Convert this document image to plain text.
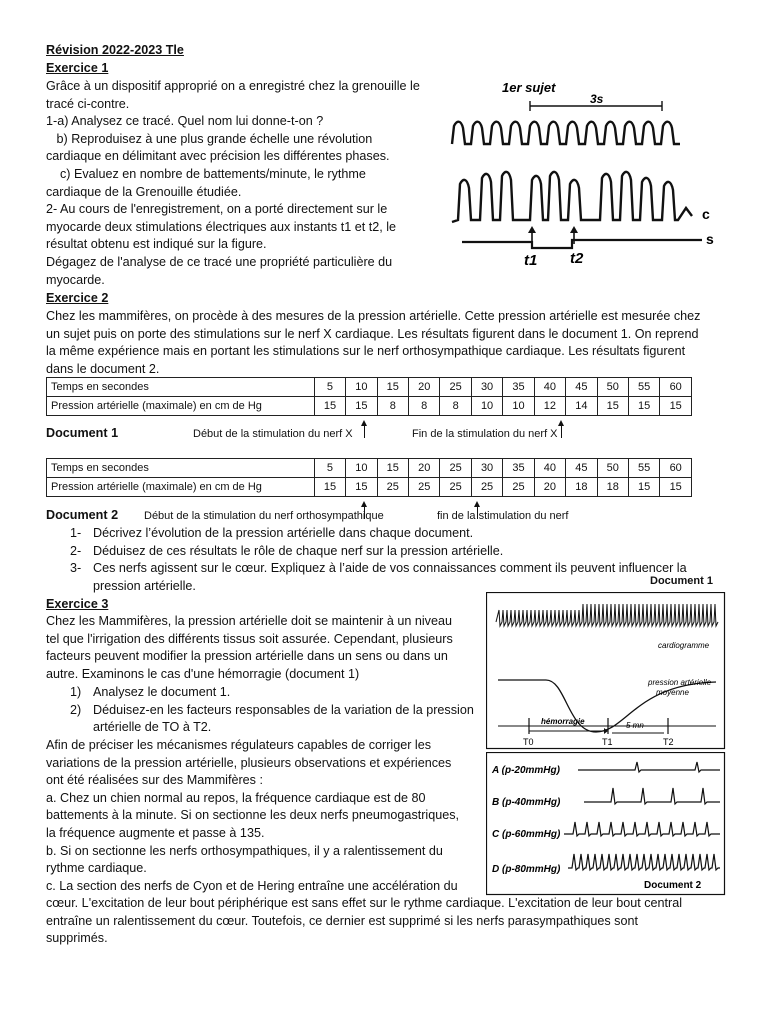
Révision 2022-2023 Tle
Exercice 1
Grâce à un dispositif approprié on a enregistré chez la grenouille le
tracé ci-contre.
1-a) Analysez ce tracé. Quel nom lui donne-t-on ?
b) Reproduisez à une plus grande échelle une révolution
cardiaque en délimitant avec précision les différentes phases.
c) Evaluez en nombre de battements/minute, le rythme
cardiaque de la Grenouille étudiée.
2- Au cours de l'enregistrement, on a porté directement sur le
myocarde deux stimulations électriques aux instants t1 et t2, le
résultat obtenu est indiqué sur la figure.
Dégagez de l'analyse de ce tracé une propriété particulière du
myocarde.
1er sujet
3s
c
s
t1 t2
Exercice 2
Chez les mammifères, on procède à des mesures de la pression artérielle. Cette pression artérielle est mesurée chez
un sujet puis on porte des stimulations sur le nerf X cardiaque. Les résultats figurent dans le document 1. On reprend
la même expérience mais en portant les stimulations sur le nerf orthosympathique cardiaque. Les résultats figurent
dans le document 2.
Temps en secondes	5	10	15	20	25	30	35	40	45	50	55	60
Pression artérielle (maximale) en cm de Hg	15	15	8	8	8	10	10	12	14	15	15	15
Document 1	Début de la stimulation du nerf X	Fin de la stimulation du nerf X
Temps en secondes	5	10	15	20	25	30	35	40	45	50	55	60
Pression artérielle (maximale) en cm de Hg	15	15	25	25	25	25	25	20	18	18	15	15
Document 2 Début de la stimulation du nerf orthosympathique	fin de la stimulation du nerf
1- Décrivez l’évolution de la pression artérielle dans chaque document.
2- Déduisez de ces résultats le rôle de chaque nerf sur la pression artérielle.
3- Ces nerfs agissent sur le cœur. Expliquez à l’aide de vos connaissances comment ils peuvent influencer la
pression artérielle.
Exercice 3
Chez les Mammifères, la pression artérielle doit se maintenir à un niveau
tel que l'irrigation des différents tissus soit assurée. Cependant, plusieurs
facteurs peuvent modifier la pression artérielle dans un sens ou dans un
autre. Examinons le cas d'une hémorragie (document 1)
1) Analysez le document 1.
2) Déduisez-en les facteurs responsables de la variation de la pression
artérielle de TO à T2.
Afin de préciser les mécanismes régulateurs capables de corriger les
variations de la pression artérielle, plusieurs observations et expériences
ont été réalisées sur des Mammifères :
a. Chez un chien normal au repos, la fréquence cardiaque est de 80
battements à la minute. Si on sectionne les deux nerfs pneumogastriques,
la fréquence augmente et passe à 135.
b. Si on sectionne les nerfs orthosympathiques, il y a ralentissement du
rythme cardiaque.
c. La section des nerfs de Cyon et de Hering entraîne une accélération du
cœur. L'excitation de leur bout périphérique est sans effet sur le rythme cardiaque. L'excitation de leur bout central
entraîne un ralentissement du cœur. Toutefois, ce dernier est supprimé si les nerfs parasympathiques sont
supprimés.
Document 1
cardiogramme
pression artérielle
moyenne
hémorragie	5 mn
T0	T1	T2
A (p-20mmHg)
B (p-40mmHg)
C (p-60mmHg)
D (p-80mmHg)
Document 2
